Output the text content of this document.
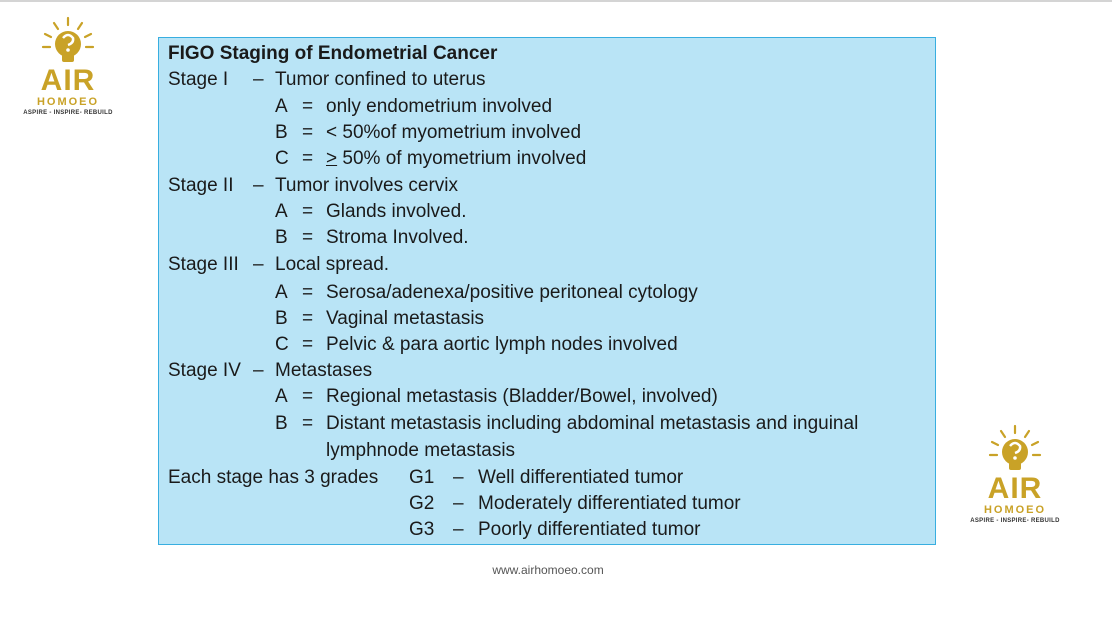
AIR
HOMOEO
ASPIRE - INSPIRE- REBUILD
AIR
HOMOEO
ASPIRE - INSPIRE- REBUILD
FIGO Staging of Endometrial Cancer
Stage I – Tumor confined to uterus
A = only endometrium involved
B = < 50%of myometrium involved
C = ≥ 50% of myometrium involved
Stage II – Tumor involves cervix
A = Glands involved.
B = Stroma Involved.
Stage III – Local spread.
A = Serosa/adenexa/positive peritoneal cytology
B = Vaginal metastasis
C = Pelvic & para aortic lymph nodes involved
Stage IV – Metastases
A = Regional metastasis (Bladder/Bowel, involved)
B = Distant metastasis including abdominal metastasis and inguinal
lymphnode metastasis
Each stage has 3 grades G1 – Well differentiated tumor
G2 – Moderately differentiated tumor
G3 – Poorly differentiated tumor
www.airhomoeo.com
